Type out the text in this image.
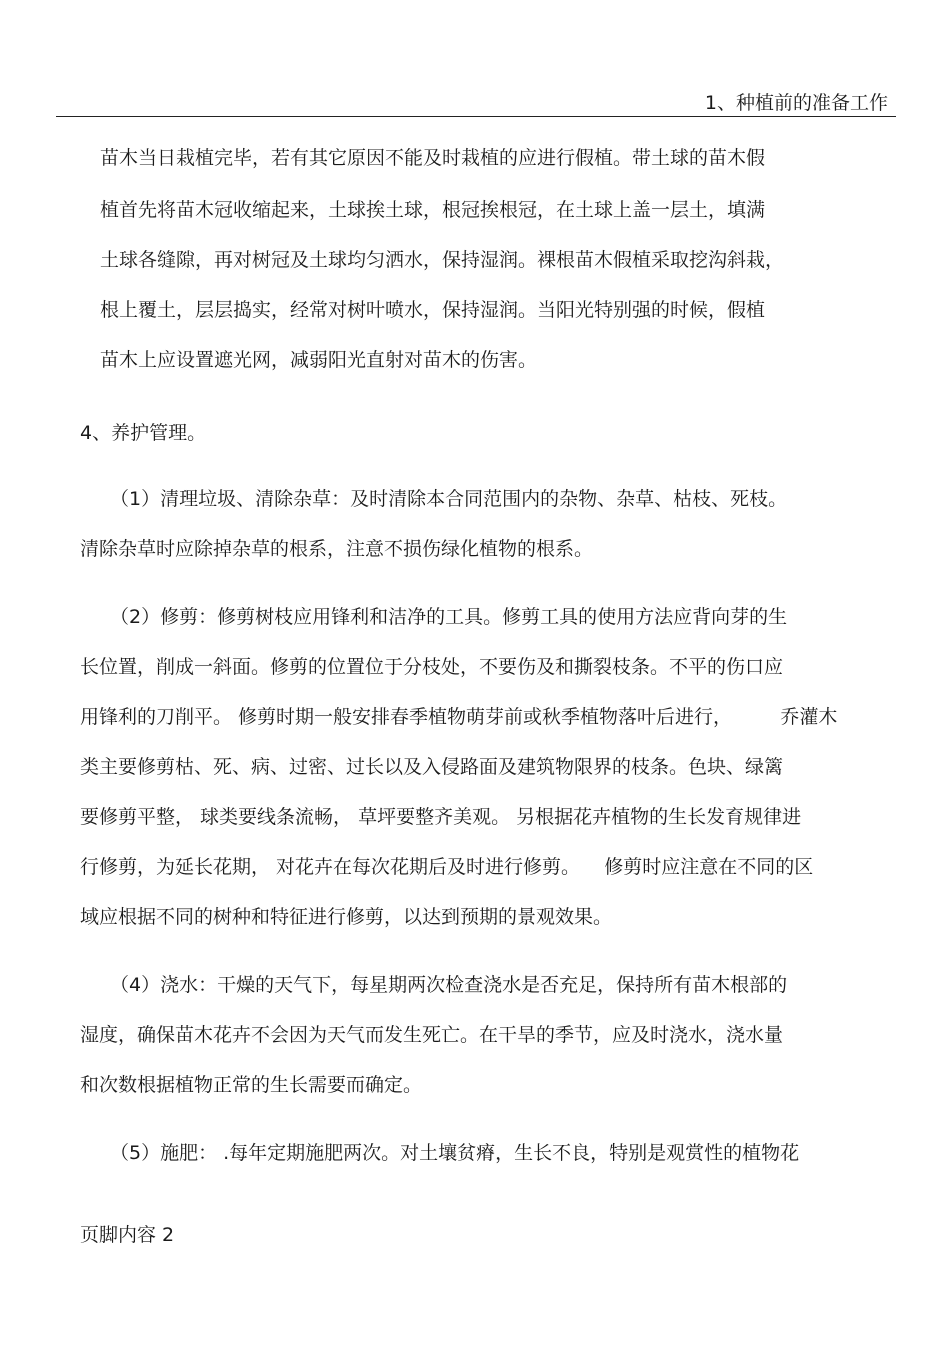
1、种植前的准备工作
苗木当日栽植完毕，若有其它原因不能及时栽植的应进行假植。带土球的苗木假
植首先将苗木冠收缩起来，土球挨土球，根冠挨根冠，在土球上盖一层土，填满
土球各缝隙，再对树冠及土球均匀洒水，保持湿润。裸根苗木假植采取挖沟斜栽，
根上覆土，层层捣实，经常对树叶喷水，保持湿润。当阳光特别强的时候，假植
苗木上应设置遮光网，减弱阳光直射对苗木的伤害。
4、养护管理。
（1）清理垃圾、清除杂草：及时清除本合同范围内的杂物、杂草、枯枝、死枝。
清除杂草时应除掉杂草的根系，注意不损伤绿化植物的根系。
（2）修剪：修剪树枝应用锋利和洁净的工具。修剪工具的使用方法应背向芽的生
长位置，削成一斜面。修剪的位置位于分枝处，不要伤及和撕裂枝条。不平的伤口应
用锋利的刀削平。 修剪时期一般安排春季植物萌芽前或秋季植物落叶后进行，        乔灌木
类主要修剪枯、死、病、过密、过长以及入侵路面及建筑物限界的枝条。色块、绿篱
要修剪平整， 球类要线条流畅， 草坪要整齐美观。 另根据花卉植物的生长发育规律进
行修剪，为延长花期， 对花卉在每次花期后及时进行修剪。    修剪时应注意在不同的区
域应根据不同的树种和特征进行修剪，以达到预期的景观效果。
（4）浇水：干燥的天气下，每星期两次检查浇水是否充足，保持所有苗木根部的
湿度，确保苗木花卉不会因为天气而发生死亡。在干旱的季节，应及时浇水，浇水量
和次数根据植物正常的生长需要而确定。
（5）施肥： .每年定期施肥两次。对土壤贫瘠，生长不良，特别是观赏性的植物花
页脚内容 2
